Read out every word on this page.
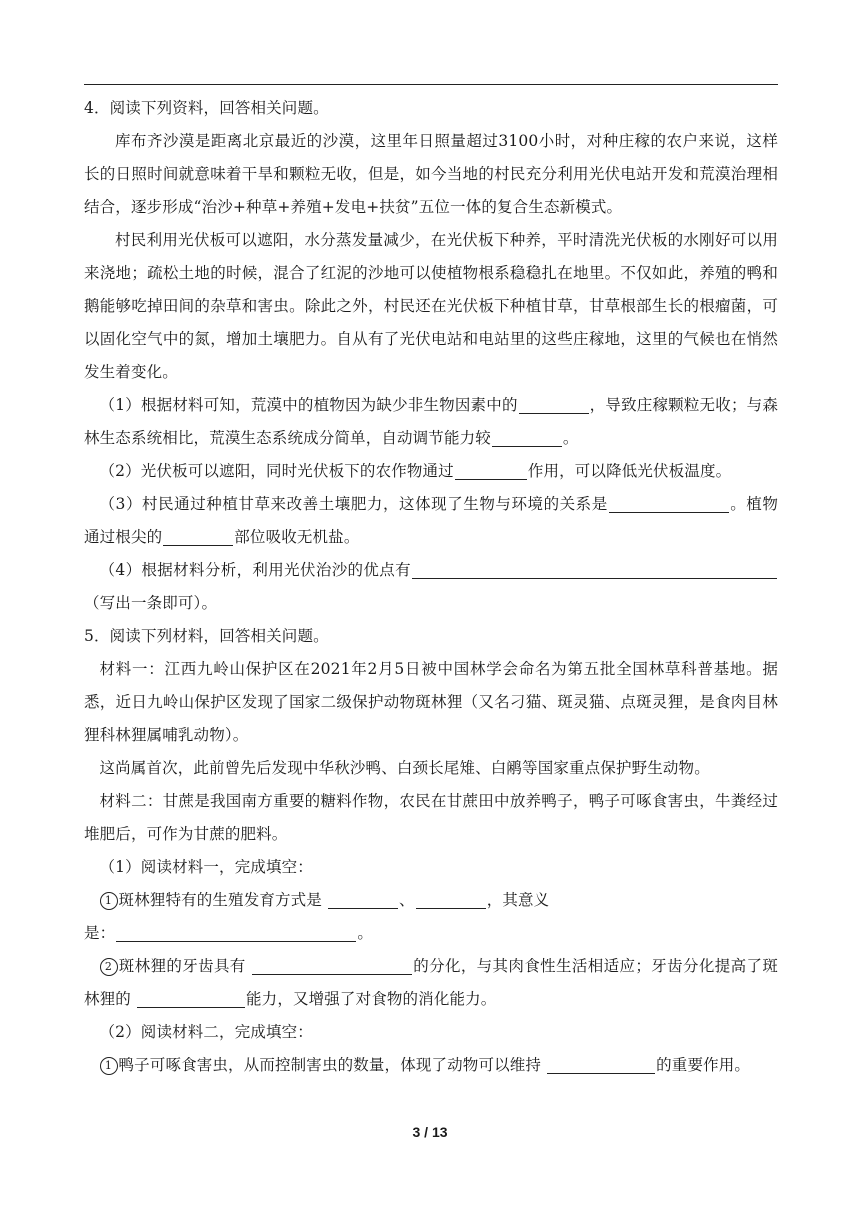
4．阅读下列资料，回答相关问题。

库布齐沙漠是距离北京最近的沙漠，这里年日照量超过3100小时，对种庄稼的农户来说，这样长的日照时间就意味着干旱和颗粒无收，但是，如今当地的村民充分利用光伏电站开发和荒漠治理相结合，逐步形成“治沙+种草+养殖+发电+扶贫”五位一体的复合生态新模式。

村民利用光伏板可以遮阳，水分蒸发量减少，在光伏板下种养，平时清洗光伏板的水刚好可以用来浇地；疏松土地的时候，混合了红泥的沙地可以使植物根系稳稳扎在地里。不仅如此，养殖的鸭和鹅能够吃掉田间的杂草和害虫。除此之外，村民还在光伏板下种植甘草，甘草根部生长的根瘤菌，可以固化空气中的氮，增加土壤肥力。自从有了光伏电站和电站里的这些庄稼地，这里的气候也在悄然发生着变化。

（1）根据材料可知，荒漠中的植物因为缺少非生物因素中的	，导致庄稼颗粒无收；与森林生态系统相比，荒漠生态系统成分简单，自动调节能力较	。

（2）光伏板可以遮阳，同时光伏板下的农作物通过	作用，可以降低光伏板温度。

（3）村民通过种植甘草来改善土壤肥力，这体现了生物与环境的关系是	。植物通过根尖的	部位吸收无机盐。

（4）根据材料分析，利用光伏治沙的优点有（写出一条即可）。

5．阅读下列材料，回答相关问题。

材料一：江西九岭山保护区在2021年2月5日被中国林学会命名为第五批全国林草科普基地。据悉，近日九岭山保护区发现了国家二级保护动物斑林狸（又名刁猫、斑灵猫、点斑灵狸，是食肉目林狸科林狸属哺乳动物）。

这尚属首次，此前曾先后发现中华秋沙鸭、白颈长尾雉、白鹇等国家重点保护野生动物。

材料二：甘蔗是我国南方重要的糖料作物，农民在甘蔗田中放养鸭子，鸭子可啄食害虫，牛粪经过堆肥后，可作为甘蔗的肥料。

（1）阅读材料一，完成填空：

1 斑林狸特有的生殖发育方式是	、	，其意义

是：	。

2 斑林狸的牙齿具有	的分化，与其肉食性生活相适应；牙齿分化提高了斑林狸的	能力，又增强了对食物的消化能力。

（2）阅读材料二，完成填空：

1 鸭子可啄食害虫，从而控制害虫的数量，体现了动物可以维持	的重要作用。

3 / 13
